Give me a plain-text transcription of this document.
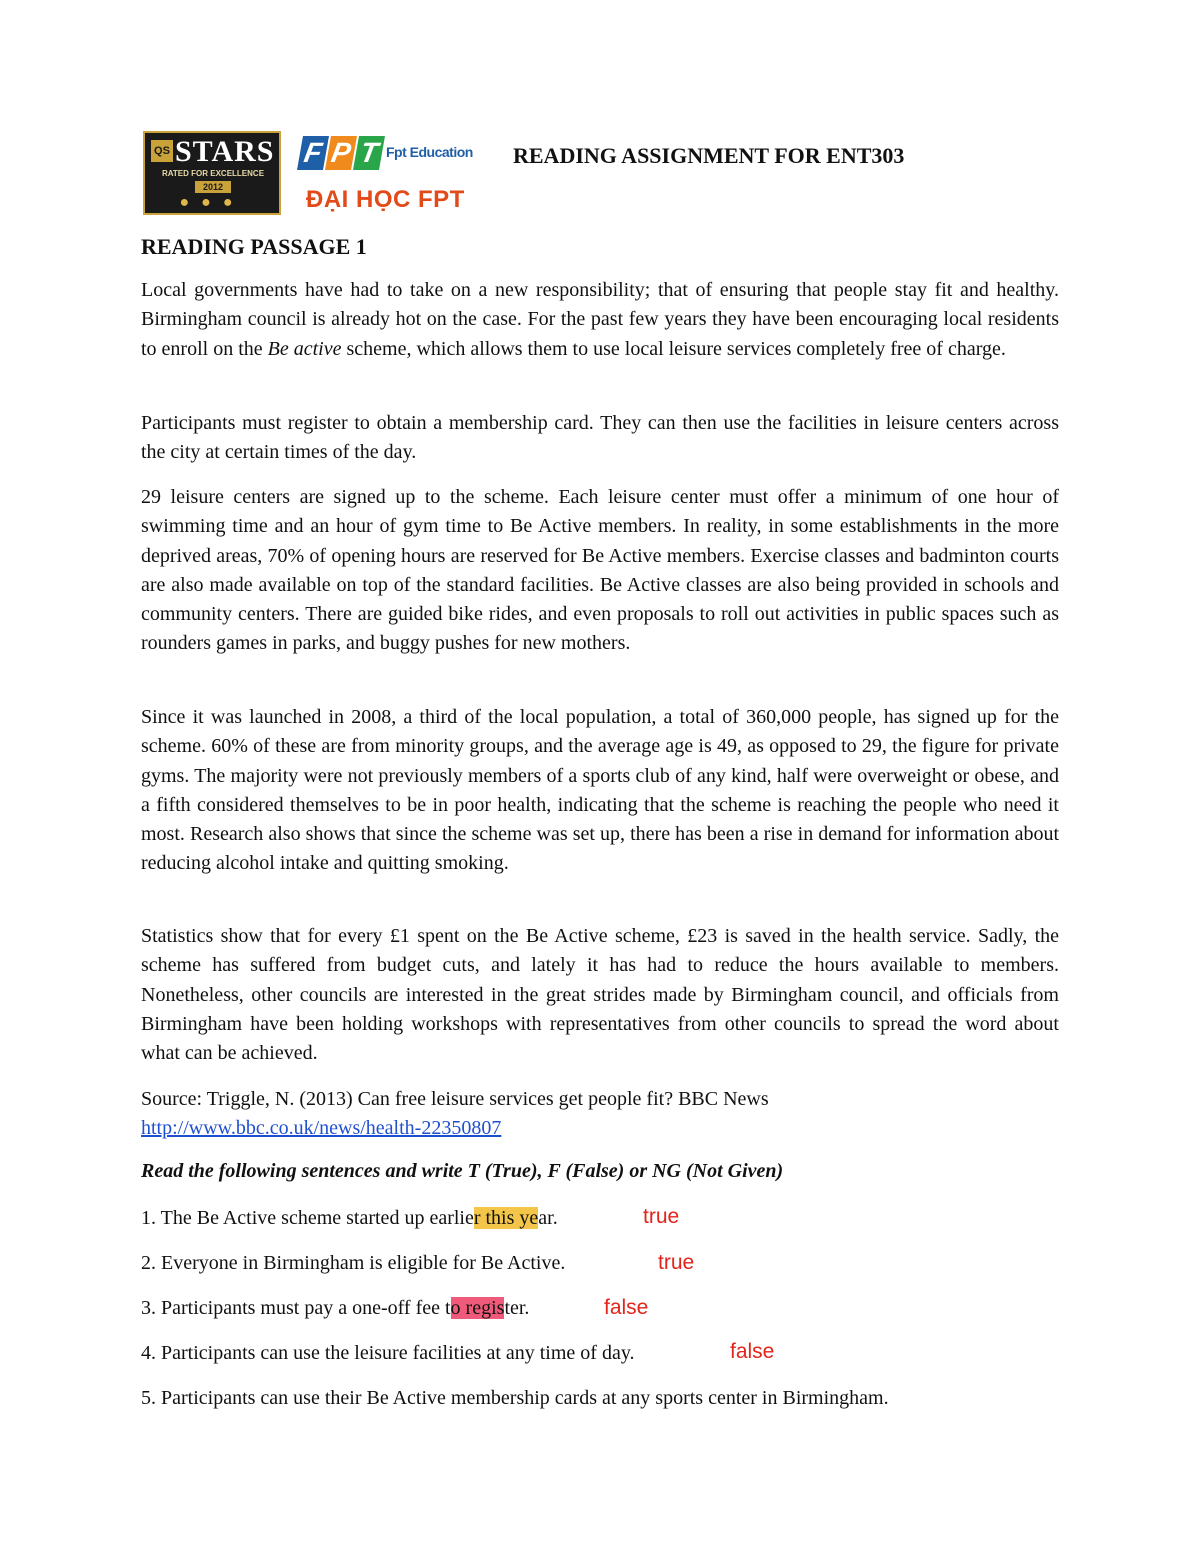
QS STARS
RATED FOR EXCELLENCE
2012
●●●
F P T Fpt Education
ĐẠI HỌC FPT
READING ASSIGNMENT FOR ENT303
READING PASSAGE 1
Local governments have had to take on a new responsibility; that of ensuring that people stay fit and healthy. Birmingham council is already hot on the case. For the past few years they have been encouraging local residents to enroll on the Be active scheme, which allows them to use local leisure services completely free of charge.
Participants must register to obtain a membership card. They can then use the facilities in leisure centers across the city at certain times of the day.
29 leisure centers are signed up to the scheme. Each leisure center must offer a minimum of one hour of swimming time and an hour of gym time to Be Active members. In reality, in some establishments in the more deprived areas, 70% of opening hours are reserved for Be Active members. Exercise classes and badminton courts are also made available on top of the standard facilities. Be Active classes are also being provided in schools and community centers. There are guided bike rides, and even proposals to roll out activities in public spaces such as rounders games in parks, and buggy pushes for new mothers.
Since it was launched in 2008, a third of the local population, a total of 360,000 people, has signed up for the scheme. 60% of these are from minority groups, and the average age is 49, as opposed to 29, the figure for private gyms. The majority were not previously members of a sports club of any kind, half were overweight or obese, and a fifth considered themselves to be in poor health, indicating that the scheme is reaching the people who need it most. Research also shows that since the scheme was set up, there has been a rise in demand for information about reducing alcohol intake and quitting smoking.
Statistics show that for every £1 spent on the Be Active scheme, £23 is saved in the health service. Sadly, the scheme has suffered from budget cuts, and lately it has had to reduce the hours available to members. Nonetheless, other councils are interested in the great strides made by Birmingham council, and officials from Birmingham have been holding workshops with representatives from other councils to spread the word about what can be achieved.
Source: Triggle, N. (2013) Can free leisure services get people fit? BBC News
http://www.bbc.co.uk/news/health-22350807
Read the following sentences and write T (True), F (False) or NG (Not Given)
1. The Be Active scheme started up earlier this year.	true
2. Everyone in Birmingham is eligible for Be Active.	true
3. Participants must pay a one-off fee to register.	false
4. Participants can use the leisure facilities at any time of day.	false
5. Participants can use their Be Active membership cards at any sports center in Birmingham.
